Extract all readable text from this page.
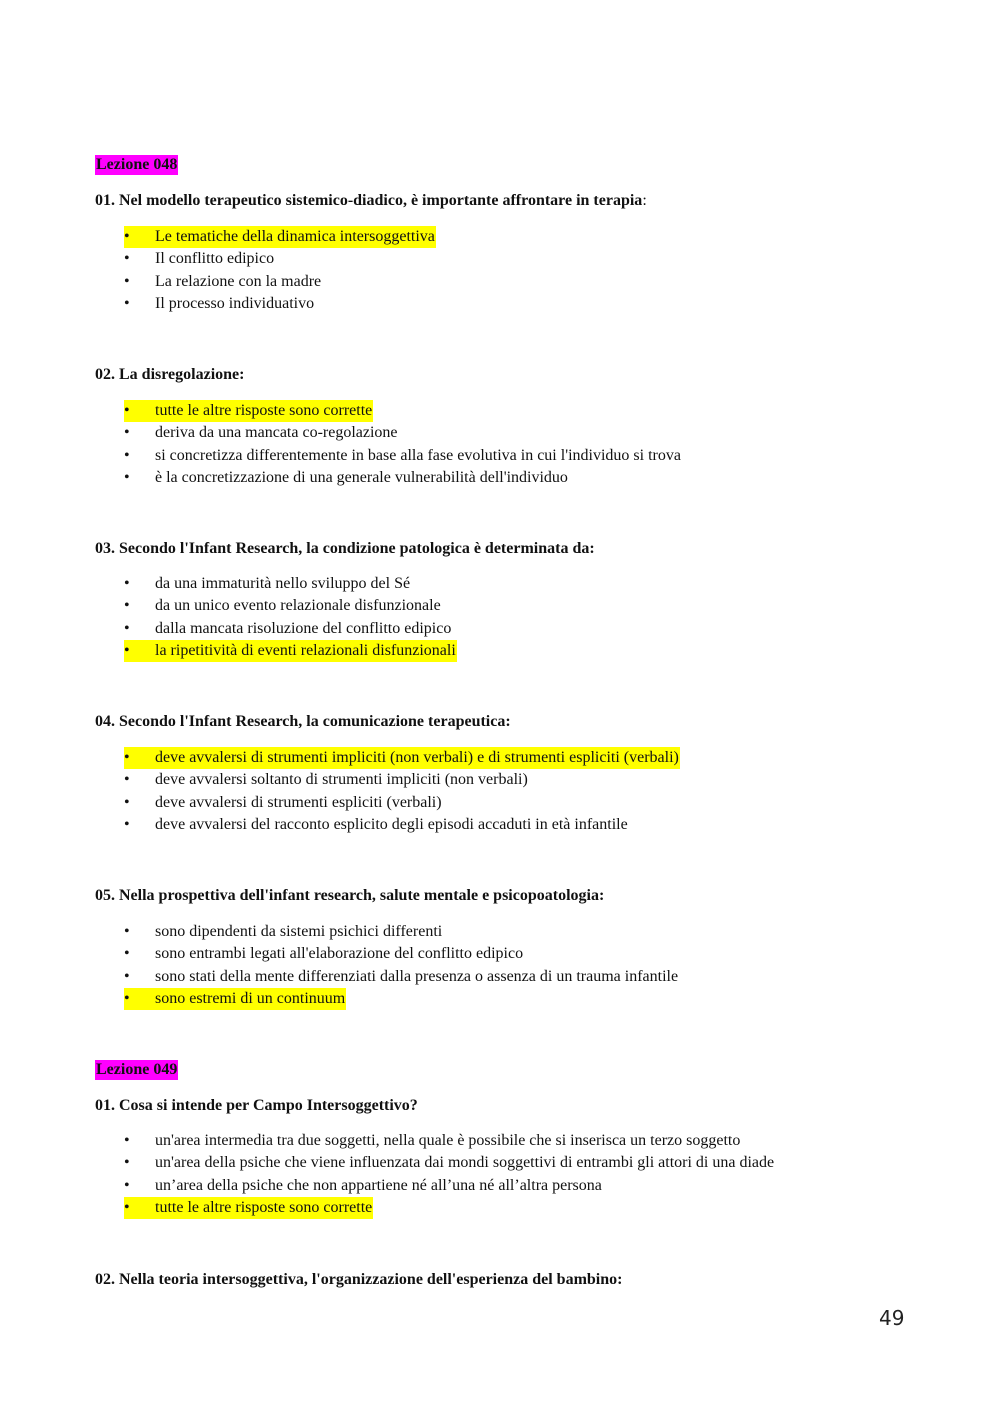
Lezione 048
01. Nel modello terapeutico sistemico-diadico, è importante affrontare in terapia:
• Le tematiche della dinamica intersoggettiva
• Il conflitto edipico
• La relazione con la madre
• Il processo individuativo
02. La disregolazione:
• tutte le altre risposte sono corrette
• deriva da una mancata co-regolazione
• si concretizza differentemente in base alla fase evolutiva in cui l'individuo si trova
• è la concretizzazione di una generale vulnerabilità dell'individuo
03. Secondo l'Infant Research, la condizione patologica è determinata da:
• da una immaturità nello sviluppo del Sé
• da un unico evento relazionale disfunzionale
• dalla mancata risoluzione del conflitto edipico
• la ripetitività di eventi relazionali disfunzionali
04. Secondo l'Infant Research, la comunicazione terapeutica:
• deve avvalersi di strumenti impliciti (non verbali) e di strumenti espliciti (verbali)
• deve avvalersi soltanto di strumenti impliciti (non verbali)
• deve avvalersi di strumenti espliciti (verbali)
• deve avvalersi del racconto esplicito degli episodi accaduti in età infantile
05. Nella prospettiva dell'infant research, salute mentale e psicopoatologia:
• sono dipendenti da sistemi psichici differenti
• sono entrambi legati all'elaborazione del conflitto edipico
• sono stati della mente differenziati dalla presenza o assenza di un trauma infantile
• sono estremi di un continuum
Lezione 049
01. Cosa si intende per Campo Intersoggettivo?
• un'area intermedia tra due soggetti, nella quale è possibile che si inserisca un terzo soggetto
• un'area della psiche che viene influenzata dai mondi soggettivi di entrambi gli attori di una diade
• un’area della psiche che non appartiene né all’una né all’altra persona
• tutte le altre risposte sono corrette
02. Nella teoria intersoggettiva, l'organizzazione dell'esperienza del bambino:
49
